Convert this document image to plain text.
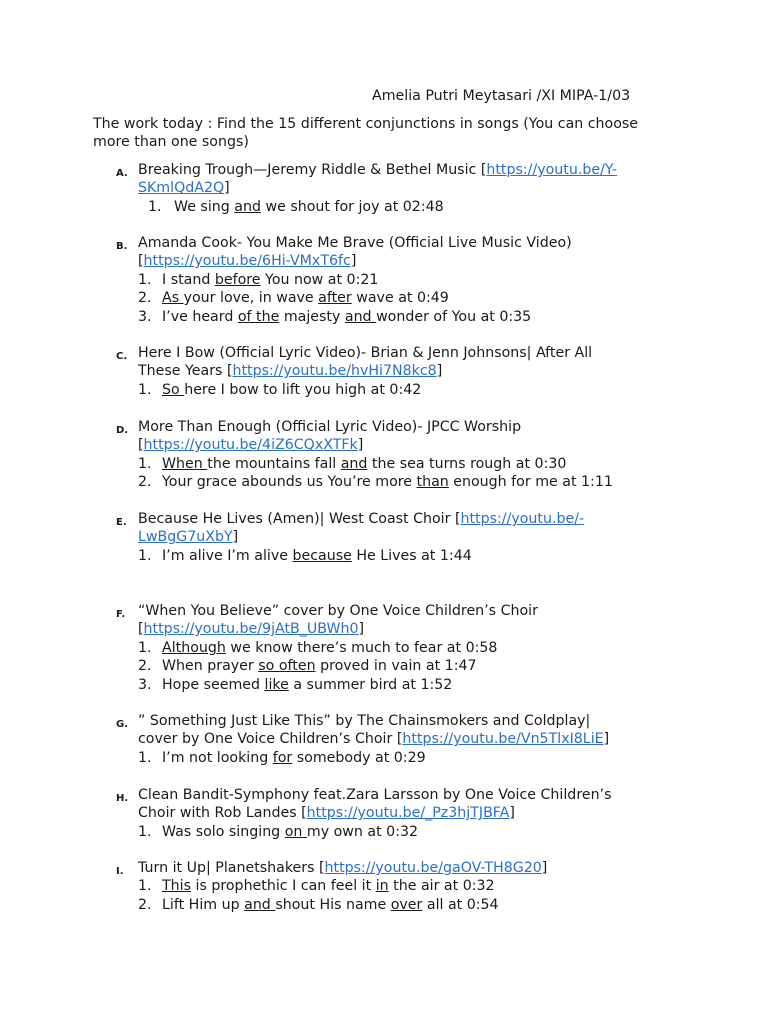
Amelia Putri Meytasari /XI MIPA-1/03
The work today : Find the 15 different conjunctions in songs (You can choose more than one songs)
A. Breaking Trough—Jeremy Riddle & Bethel Music [https://youtu.be/Y-
SKmlQdA2Q]
1. We sing and we shout for joy at 02:48
B. Amanda Cook- You Make Me Brave (Official Live Music Video)
[https://youtu.be/6Hi-VMxT6fc]
1. I stand before You now at 0:21
2. As your love, in wave after wave at 0:49
3. I’ve heard of the majesty and wonder of You at 0:35
C. Here I Bow (Official Lyric Video)- Brian & Jenn Johnsons| After All
These Years [https://youtu.be/hvHi7N8kc8]
1. So here I bow to lift you high at 0:42
D. More Than Enough (Official Lyric Video)- JPCC Worship
[https://youtu.be/4iZ6CQxXTFk]
1. When the mountains fall and the sea turns rough at 0:30
2. Your grace abounds us You’re more than enough for me at 1:11
E. Because He Lives (Amen)| West Coast Choir [https://youtu.be/-
LwBgG7uXbY]
1. I’m alive I’m alive because He Lives at 1:44
F. “When You Believe” cover by One Voice Children’s Choir
[https://youtu.be/9jAtB_UBWh0]
1. Although we know there’s much to fear at 0:58
2. When prayer so often proved in vain at 1:47
3. Hope seemed like a summer bird at 1:52
G. ” Something Just Like This” by The Chainsmokers and Coldplay|
cover by One Voice Children’s Choir [https://youtu.be/Vn5TlxI8LiE]
1. I’m not looking for somebody at 0:29
H. Clean Bandit-Symphony feat.Zara Larsson by One Voice Children’s
Choir with Rob Landes [https://youtu.be/_Pz3hjTJBFA]
1. Was solo singing on my own at 0:32
I. Turn it Up| Planetshakers [https://youtu.be/gaOV-TH8G20]
1. This is prophethic I can feel it in the air at 0:32
2. Lift Him up and shout His name over all at 0:54
